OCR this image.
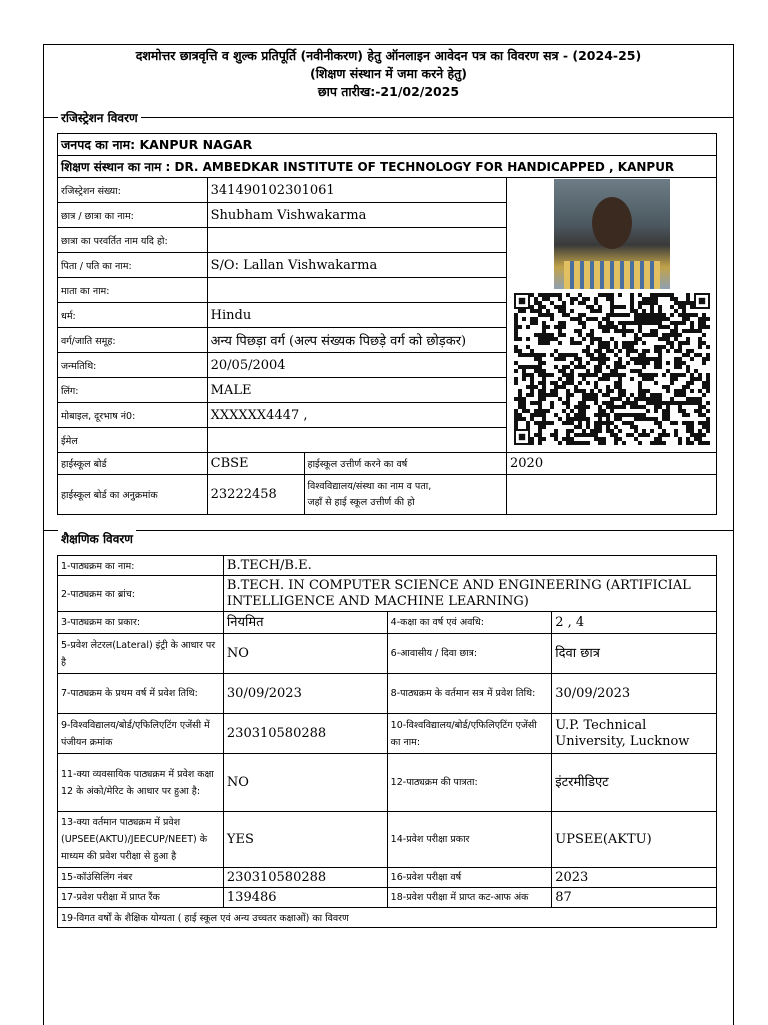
दशमोत्तर छात्रवृत्ति व शुल्क प्रतिपूर्ति (नवीनीकरण) हेतु ऑनलाइन आवेदन पत्र का विवरण सत्र - (2024-25)
(शिक्षण संस्थान में जमा करने हेतु)
छाप तारीख:-21/02/2025
रजिस्ट्रेशन विवरण
जनपद का नाम: KANPUR NAGAR			
शिक्षण संस्थान का नाम : DR. AMBEDKAR INSTITUTE OF TECHNOLOGY FOR HANDICAPPED , KANPUR			
रजिस्ट्रेशन संख्या:	341490102301061	

छात्र / छात्रा का नाम:	Shubham Vishwakarma		
छात्रा का परवर्तित नाम यदि हो:			
पिता / पति का नाम:	S/O: Lallan Vishwakarma		
माता का नाम:			
धर्म:	Hindu		
वर्ग/जाति समूह:	अन्य पिछड़ा वर्ग (अल्प संख्यक पिछड़े वर्ग को छोड़कर)		
जन्मतिथि:	20/05/2004		
लिंग:	MALE		
मोबाइल, दूरभाष नं0:	XXXXXX4447 ,		
ईमेल			
हाईस्कूल बोर्ड	CBSE	हाईस्कूल उत्तीर्ण करने का वर्ष	2020
हाईस्कूल बोर्ड का अनुक्रमांक	23222458	विश्वविद्यालय/संस्था का नाम व पता,
जहाँ से हाई स्कूल उत्तीर्ण की हो	

शैक्षणिक विवरण
1-पाठ्यक्रम का नाम:	B.TECH/B.E.		
2-पाठ्यक्रम का ब्रांच:	B.TECH. IN COMPUTER SCIENCE AND ENGINEERING (ARTIFICIAL INTELLIGENCE AND MACHINE LEARNING)		
3-पाठ्यक्रम का प्रकार:	नियमित	4-कक्षा का वर्ष एवं अवधि:	2 , 4
5-प्रवेश लेटरल(Lateral) इंट्री के आधार पर है	NO	6-आवासीय / दिवा छात्र:	दिवा छात्र
7-पाठ्यक्रम के प्रथम वर्ष में प्रवेश तिथि:	30/09/2023	8-पाठ्यक्रम के वर्तमान सत्र में प्रवेश तिथि:	30/09/2023
9-विश्वविद्यालय/बोर्ड/एफिलिएटिंग एजेंसी में पंजीयन क्रमांक	230310580288	10-विश्वविद्यालय/बोर्ड/एफिलिएटिंग एजेंसी का नाम:	U.P. Technical University, Lucknow
11-क्या व्यवसायिक पाठ्यक्रम में प्रवेश कक्षा 12 के अंको/मेरिट के आधार पर हुआ है:	NO	12-पाठ्यक्रम की पात्रता:	इंटरमीडिएट
13-क्या वर्तमान पाठ्यक्रम में प्रवेश (UPSEE(AKTU)/JEECUP/NEET) के माध्यम की प्रवेश परीक्षा से हुआ है	YES	14-प्रवेश परीक्षा प्रकार	UPSEE(AKTU)
15-कॉउंसिलिंग नंबर	230310580288	16-प्रवेश परीक्षा वर्ष	2023
17-प्रवेश परीक्षा में प्राप्त रैंक	139486	18-प्रवेश परीक्षा में प्राप्त कट-आफ अंक	87
19-विगत वर्षों के शैक्षिक योग्यता ( हाई स्कूल एवं अन्य उच्चतर कक्षाओं) का विवरण			
